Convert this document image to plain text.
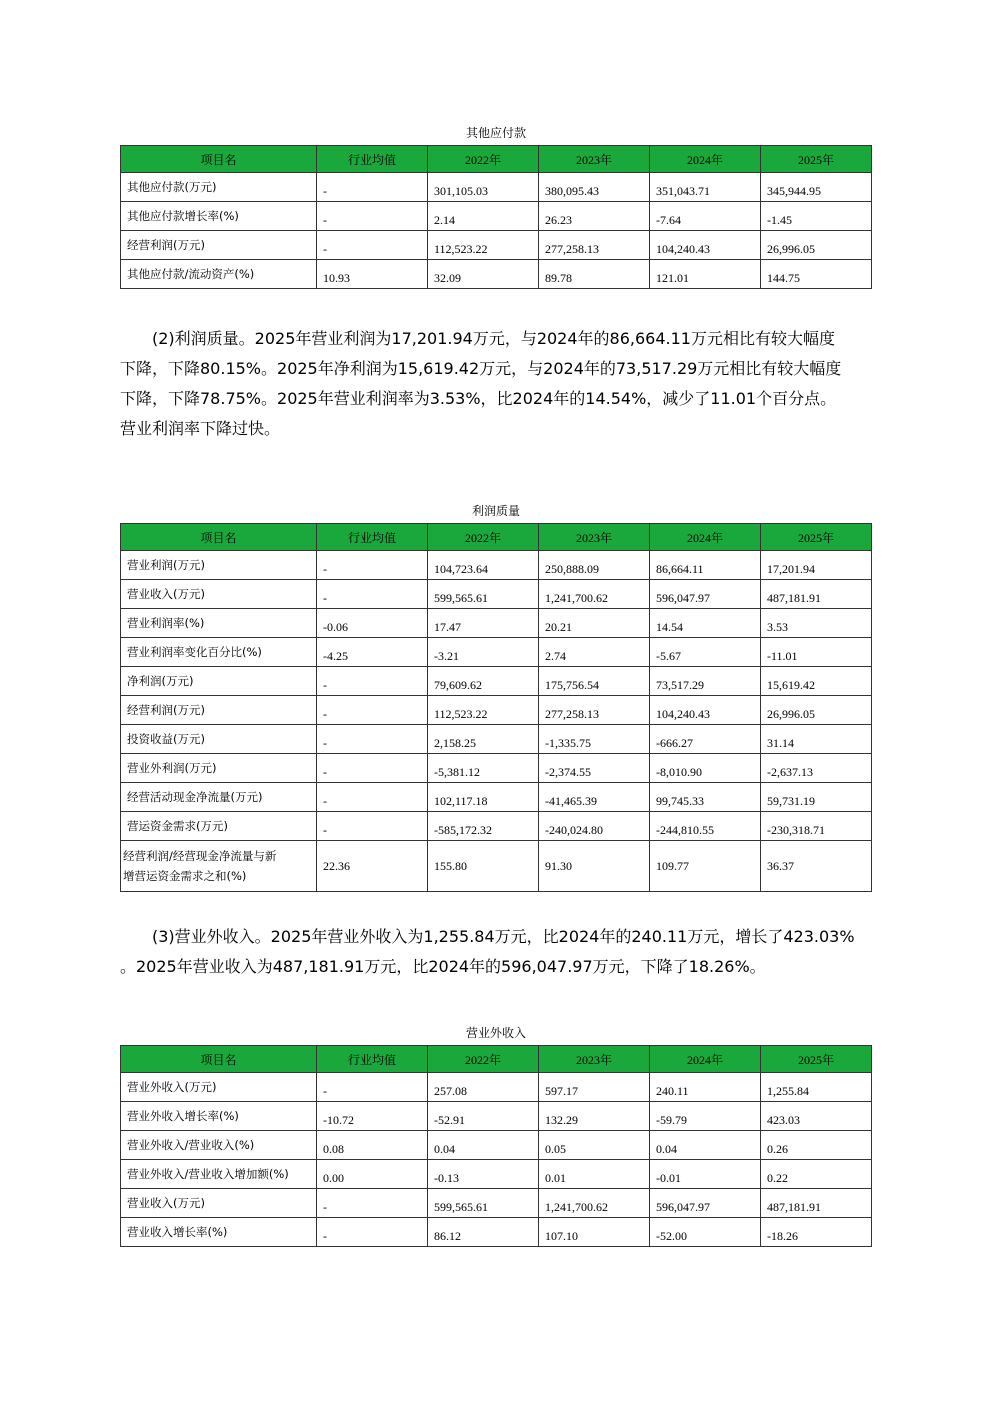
其他应付款
项目名	行业均值	2022年	2023年	2024年	2025年
其他应付款(万元)	-	301,105.03	380,095.43	351,043.71	345,944.95
其他应付款增长率(%)	-	2.14	26.23	-7.64	-1.45
经营利润(万元)	-	112,523.22	277,258.13	104,240.43	26,996.05
其他应付款/流动资产(%)	10.93	32.09	89.78	121.01	144.75

(2)利润质量。2025年营业利润为17,201.94万元，与2024年的86,664.11万元相比有较大幅度

下降，下降80.15%。2025年净利润为15,619.42万元，与2024年的73,517.29万元相比有较大幅度

下降，下降78.75%。2025年营业利润率为3.53%，比2024年的14.54%，减少了11.01个百分点。

营业利润率下降过快。

利润质量
项目名	行业均值	2022年	2023年	2024年	2025年
营业利润(万元)	-	104,723.64	250,888.09	86,664.11	17,201.94
营业收入(万元)	-	599,565.61	1,241,700.62	596,047.97	487,181.91
营业利润率(%)	-0.06	17.47	20.21	14.54	3.53
营业利润率变化百分比(%)	-4.25	-3.21	2.74	-5.67	-11.01
净利润(万元)	-	79,609.62	175,756.54	73,517.29	15,619.42
经营利润(万元)	-	112,523.22	277,258.13	104,240.43	26,996.05
投资收益(万元)	-	2,158.25	-1,335.75	-666.27	31.14
营业外利润(万元)	-	-5,381.12	-2,374.55	-8,010.90	-2,637.13
经营活动现金净流量(万元)	-	102,117.18	-41,465.39	99,745.33	59,731.19
营运资金需求(万元)	-	-585,172.32	-240,024.80	-244,810.55	-230,318.71
经营利润/经营现金净流量与新
增营运资金需求之和(%)	22.36	155.80	91.30	109.77	36.37

(3)营业外收入。2025年营业外收入为1,255.84万元，比2024年的240.11万元，增长了423.03%

。2025年营业收入为487,181.91万元，比2024年的596,047.97万元，下降了18.26%。

营业外收入
项目名	行业均值	2022年	2023年	2024年	2025年
营业外收入(万元)	-	257.08	597.17	240.11	1,255.84
营业外收入增长率(%)	-10.72	-52.91	132.29	-59.79	423.03
营业外收入/营业收入(%)	0.08	0.04	0.05	0.04	0.26
营业外收入/营业收入增加额(%)	0.00	-0.13	0.01	-0.01	0.22
营业收入(万元)	-	599,565.61	1,241,700.62	596,047.97	487,181.91
营业收入增长率(%)	-	86.12	107.10	-52.00	-18.26
